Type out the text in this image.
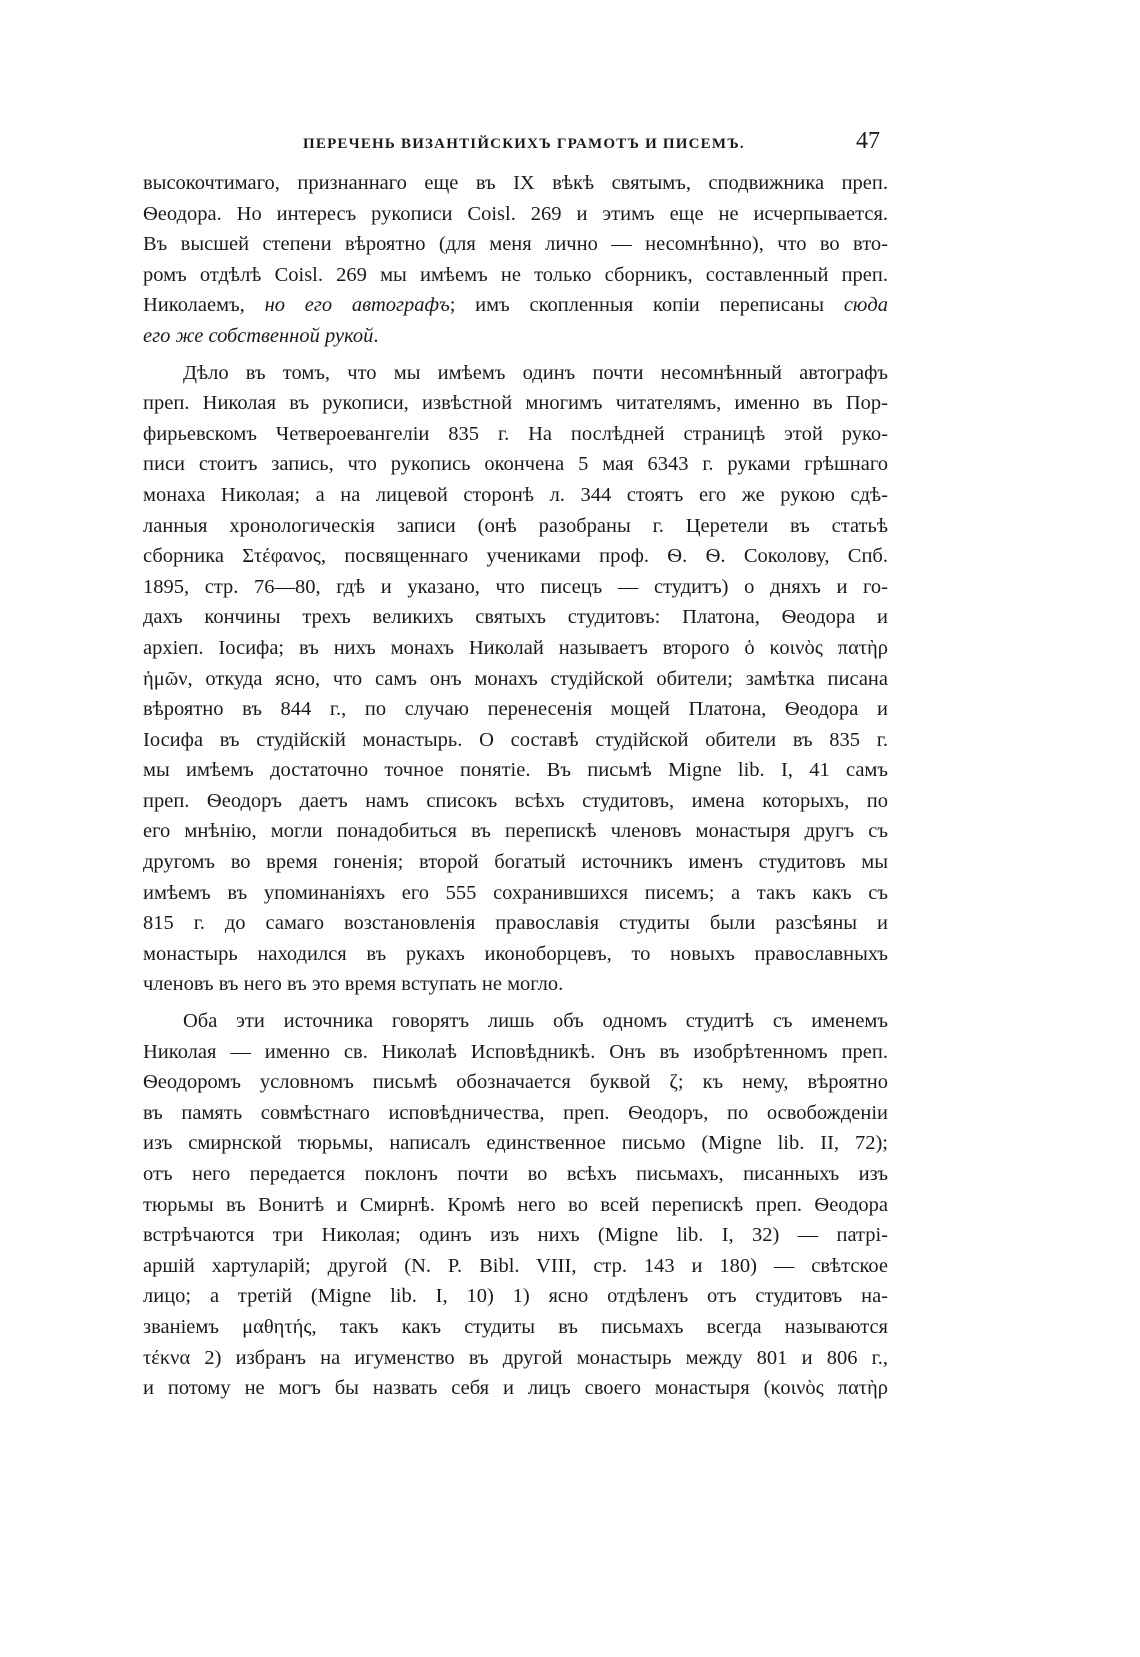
ПЕРЕЧЕНЬ ВИЗАНТІЙСКИХЪ ГРАМОТЪ И ПИСЕМЪ.	47
высокочтимаго, признаннаго еще въ IX вѣкѣ святымъ, сподвижника преп.
Ѳеодора. Но интересъ рукописи Coisl. 269 и этимъ еще не исчерпывается.
Въ высшей степени вѣроятно (для меня лично — несомнѣнно), что во вто-
ромъ отдѣлѣ Coisl. 269 мы имѣемъ не только сборникъ, составленный преп.
Николаемъ, но его автографъ; имъ скопленныя копіи переписаны сюда
его же собственной рукой.
Дѣло въ томъ, что мы имѣемъ одинъ почти несомнѣнный автографъ
преп. Николая въ рукописи, извѣстной многимъ читателямъ, именно въ Пор-
фирьевскомъ Четвероевангеліи 835 г. На послѣдней страницѣ этой руко-
писи стоитъ запись, что рукопись окончена 5 мая 6343 г. руками грѣшнаго
монаха Николая; а на лицевой сторонѣ л. 344 стоятъ его же рукою сдѣ-
ланныя хронологическія записи (онѣ разобраны г. Церетели въ статьѣ
сборника Στέφανος, посвященнаго учениками проф. Ѳ. Ѳ. Соколову, Спб.
1895, стр. 76—80, гдѣ и указано, что писецъ — студитъ) о дняхъ и го-
дахъ кончины трехъ великихъ святыхъ студитовъ: Платона, Ѳеодора и
архіеп. Іосифа; въ нихъ монахъ Николай называетъ второго ὁ κοινὸς πατὴρ
ἡμῶν, откуда ясно, что самъ онъ монахъ студійской обители; замѣтка писана
вѣроятно въ 844 г., по случаю перенесенія мощей Платона, Ѳеодора и
Іосифа въ студійскій монастырь. О составѣ студійской обители въ 835 г.
мы имѣемъ достаточно точное понятіе. Въ письмѣ Migne lib. I, 41 самъ
преп. Ѳеодоръ даетъ намъ списокъ всѣхъ студитовъ, имена которыхъ, по
его мнѣнію, могли понадобиться въ перепискѣ членовъ монастыря другъ съ
другомъ во время гоненія; второй богатый источникъ именъ студитовъ мы
имѣемъ въ упоминаніяхъ его 555 сохранившихся писемъ; а такъ какъ съ
815 г. до самаго возстановленія православія студиты были разсѣяны и
монастырь находился въ рукахъ иконоборцевъ, то новыхъ православныхъ
членовъ въ него въ это время вступать не могло.
Оба эти источника говорятъ лишь объ одномъ студитѣ съ именемъ
Николая — именно св. Николаѣ Исповѣдникѣ. Онъ въ изобрѣтенномъ преп.
Ѳеодоромъ условномъ письмѣ обозначается буквой ζ; къ нему, вѣроятно
въ память совмѣстнаго исповѣдничества, преп. Ѳеодоръ, по освобожденіи
изъ смирнской тюрьмы, написалъ единственное письмо (Migne lib. II, 72);
отъ него передается поклонъ почти во всѣхъ письмахъ, писанныхъ изъ
тюрьмы въ Вонитѣ и Смирнѣ. Кромѣ него во всей перепискѣ преп. Ѳеодора
встрѣчаются три Николая; одинъ изъ нихъ (Migne lib. I, 32) — патрі-
аршій хартуларій; другой (N. P. Bibl. VIII, стр. 143 и 180) — свѣтское
лицо; а третій (Migne lib. I, 10) 1) ясно отдѣленъ отъ студитовъ на-
званіемъ μαθητής, такъ какъ студиты въ письмахъ всегда называются
τέκνα 2) избранъ на игуменство въ другой монастырь между 801 и 806 г.,
и потому не могъ бы назвать себя и лицъ своего монастыря (κοινὸς πατὴρ
